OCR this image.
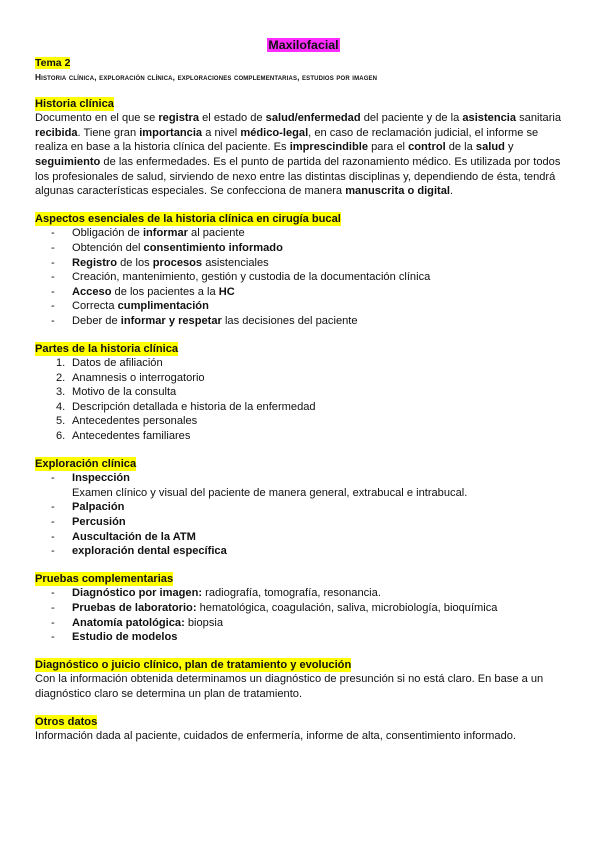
Maxilofacial
Tema 2
Historia clínica, exploración clínica, exploraciones complementarias, estudios por imagen
Historia clínica

Documento en el que se registra el estado de salud/enfermedad del paciente y de la asistencia sanitaria recibida. Tiene gran importancia a nivel médico-legal, en caso de reclamación judicial, el informe se realiza en base a la historia clínica del paciente. Es imprescindible para el control de la salud y seguimiento de las enfermedades. Es el punto de partida del razonamiento médico. Es utilizada por todos los profesionales de salud, sirviendo de nexo entre las distintas disciplinas y, dependiendo de ésta, tendrá algunas características especiales. Se confecciona de manera manuscrita o digital.

Aspectos esenciales de la historia clínica en cirugía bucal
- Obligación de informar al paciente
- Obtención del consentimiento informado
- Registro de los procesos asistenciales
- Creación, mantenimiento, gestión y custodia de la documentación clínica
- Acceso de los pacientes a la HC
- Correcta cumplimentación
- Deber de informar y respetar las decisiones del paciente
Partes de la historia clínica
1. Datos de afiliación
2. Anamnesis o interrogatorio
3. Motivo de la consulta
4. Descripción detallada e historia de la enfermedad
5. Antecedentes personales
6. Antecedentes familiares
Exploración clínica
- Inspección
Examen clínico y visual del paciente de manera general, extrabucal e intrabucal.
- Palpación
- Percusión
- Auscultación de la ATM
- exploración dental específica
Pruebas complementarias
- Diagnóstico por imagen: radiografía, tomografía, resonancia.
- Pruebas de laboratorio: hematológica, coagulación, saliva, microbiología, bioquímica
- Anatomía patológica: biopsia
- Estudio de modelos
Diagnóstico o juicio clínico, plan de tratamiento y evolución

Con la información obtenida determinamos un diagnóstico de presunción si no está claro. En base a un diagnóstico claro se determina un plan de tratamiento.

Otros datos

Información dada al paciente, cuidados de enfermería, informe de alta, consentimiento informado.
